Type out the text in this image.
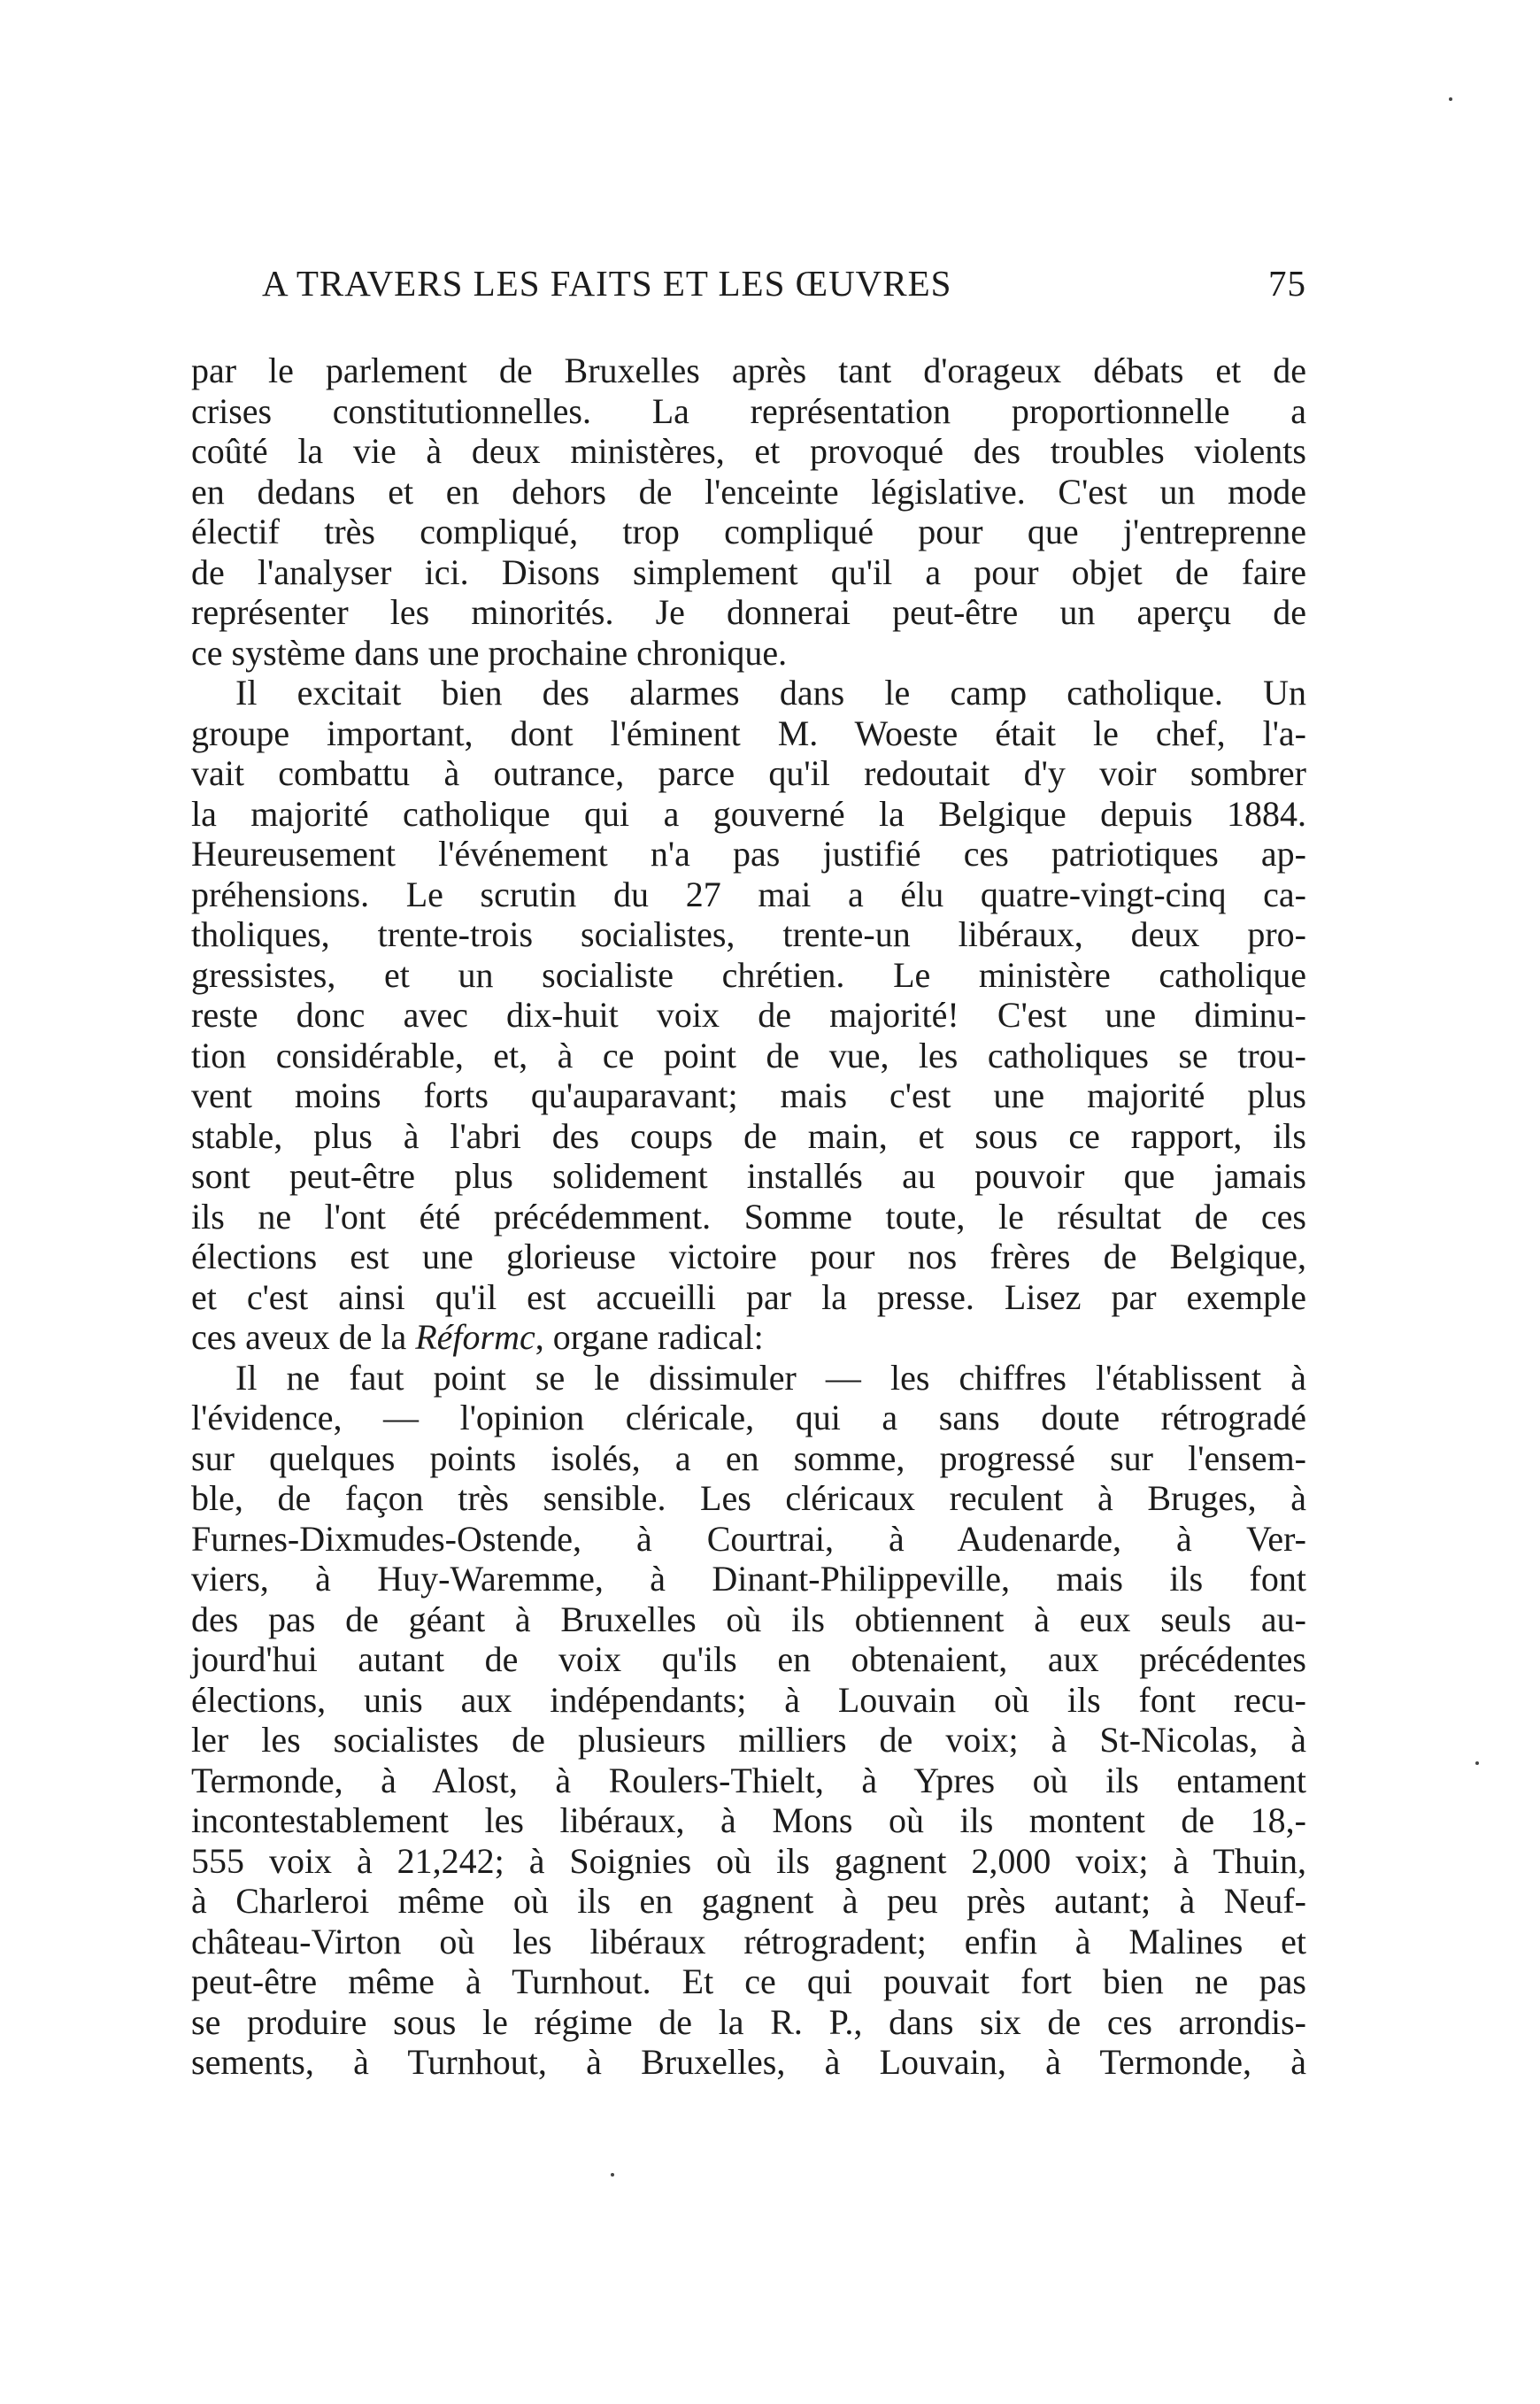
A TRAVERS LES FAITS ET LES ŒUVRES	75
par le parlement de Bruxelles après tant d'orageux débats et de
crises constitutionnelles. La représentation proportionnelle a
coûté la vie à deux ministères, et provoqué des troubles violents
en dedans et en dehors de l'enceinte législative. C'est un mode
électif très compliqué, trop compliqué pour que j'entreprenne
de l'analyser ici. Disons simplement qu'il a pour objet de faire
représenter les minorités. Je donnerai peut-être un aperçu de
ce système dans une prochaine chronique.
Il excitait bien des alarmes dans le camp catholique. Un
groupe important, dont l'éminent M. Woeste était le chef, l'a-
vait combattu à outrance, parce qu'il redoutait d'y voir sombrer
la majorité catholique qui a gouverné la Belgique depuis 1884.
Heureusement l'événement n'a pas justifié ces patriotiques ap-
préhensions. Le scrutin du 27 mai a élu quatre-vingt-cinq ca-
tholiques, trente-trois socialistes, trente-un libéraux, deux pro-
gressistes, et un socialiste chrétien. Le ministère catholique
reste donc avec dix-huit voix de majorité! C'est une diminu-
tion considérable, et, à ce point de vue, les catholiques se trou-
vent moins forts qu'auparavant; mais c'est une majorité plus
stable, plus à l'abri des coups de main, et sous ce rapport, ils
sont peut-être plus solidement installés au pouvoir que jamais
ils ne l'ont été précédemment. Somme toute, le résultat de ces
élections est une glorieuse victoire pour nos frères de Belgique,
et c'est ainsi qu'il est accueilli par la presse. Lisez par exemple
ces aveux de la Réformc, organe radical:
Il ne faut point se le dissimuler — les chiffres l'établissent à
l'évidence, — l'opinion cléricale, qui a sans doute rétrogradé
sur quelques points isolés, a en somme, progressé sur l'ensem-
ble, de façon très sensible. Les cléricaux reculent à Bruges, à
Furnes-Dixmudes-Ostende, à Courtrai, à Audenarde, à Ver-
viers, à Huy-Waremme, à Dinant-Philippeville, mais ils font
des pas de géant à Bruxelles où ils obtiennent à eux seuls au-
jourd'hui autant de voix qu'ils en obtenaient, aux précédentes
élections, unis aux indépendants; à Louvain où ils font recu-
ler les socialistes de plusieurs milliers de voix; à St-Nicolas, à
Termonde, à Alost, à Roulers-Thielt, à Ypres où ils entament
incontestablement les libéraux, à Mons où ils montent de 18,-
555 voix à 21,242; à Soignies où ils gagnent 2,000 voix; à Thuin,
à Charleroi même où ils en gagnent à peu près autant; à Neuf-
château-Virton où les libéraux rétrogradent; enfin à Malines et
peut-être même à Turnhout. Et ce qui pouvait fort bien ne pas
se produire sous le régime de la R. P., dans six de ces arrondis-
sements, à Turnhout, à Bruxelles, à Louvain, à Termonde, à
